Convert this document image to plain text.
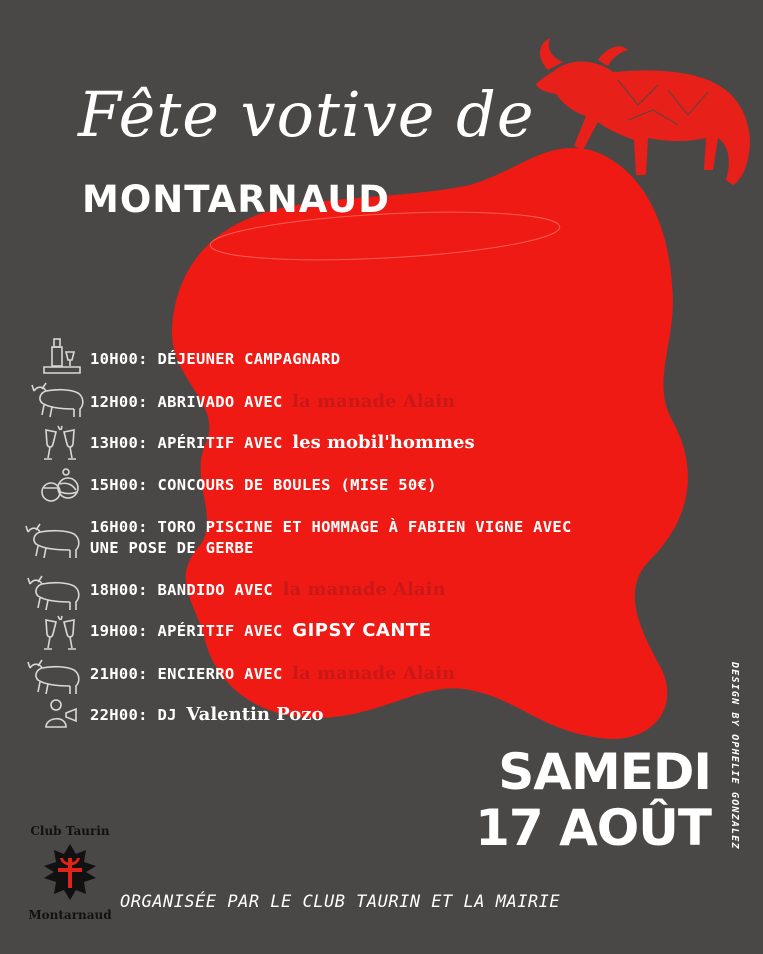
Fête votive de
MONTARNAUD
10H00: DÉJEUNER CAMPAGNARD
12H00: ABRIVADO AVEC la manade Alain
13H00: APÉRITIF AVEC les mobil'hommes
15H00: CONCOURS DE BOULES (MISE 50€)
16H00: TORO PISCINE ET HOMMAGE À FABIEN VIGNE AVEC
UNE POSE DE GERBE
18H00: BANDIDO AVEC la manade Alain
19H00: APÉRITIF AVEC GIPSY CANTE
21H00: ENCIERRO AVEC la manade Alain
22H00: DJ Valentin Pozo
SAMEDI
17 AOÛT DESIGN BY OPHELIE GONZALEZ
Club Taurin
Montarnaud
ORGANISÉE PAR LE CLUB TAURIN ET LA MAIRIE
